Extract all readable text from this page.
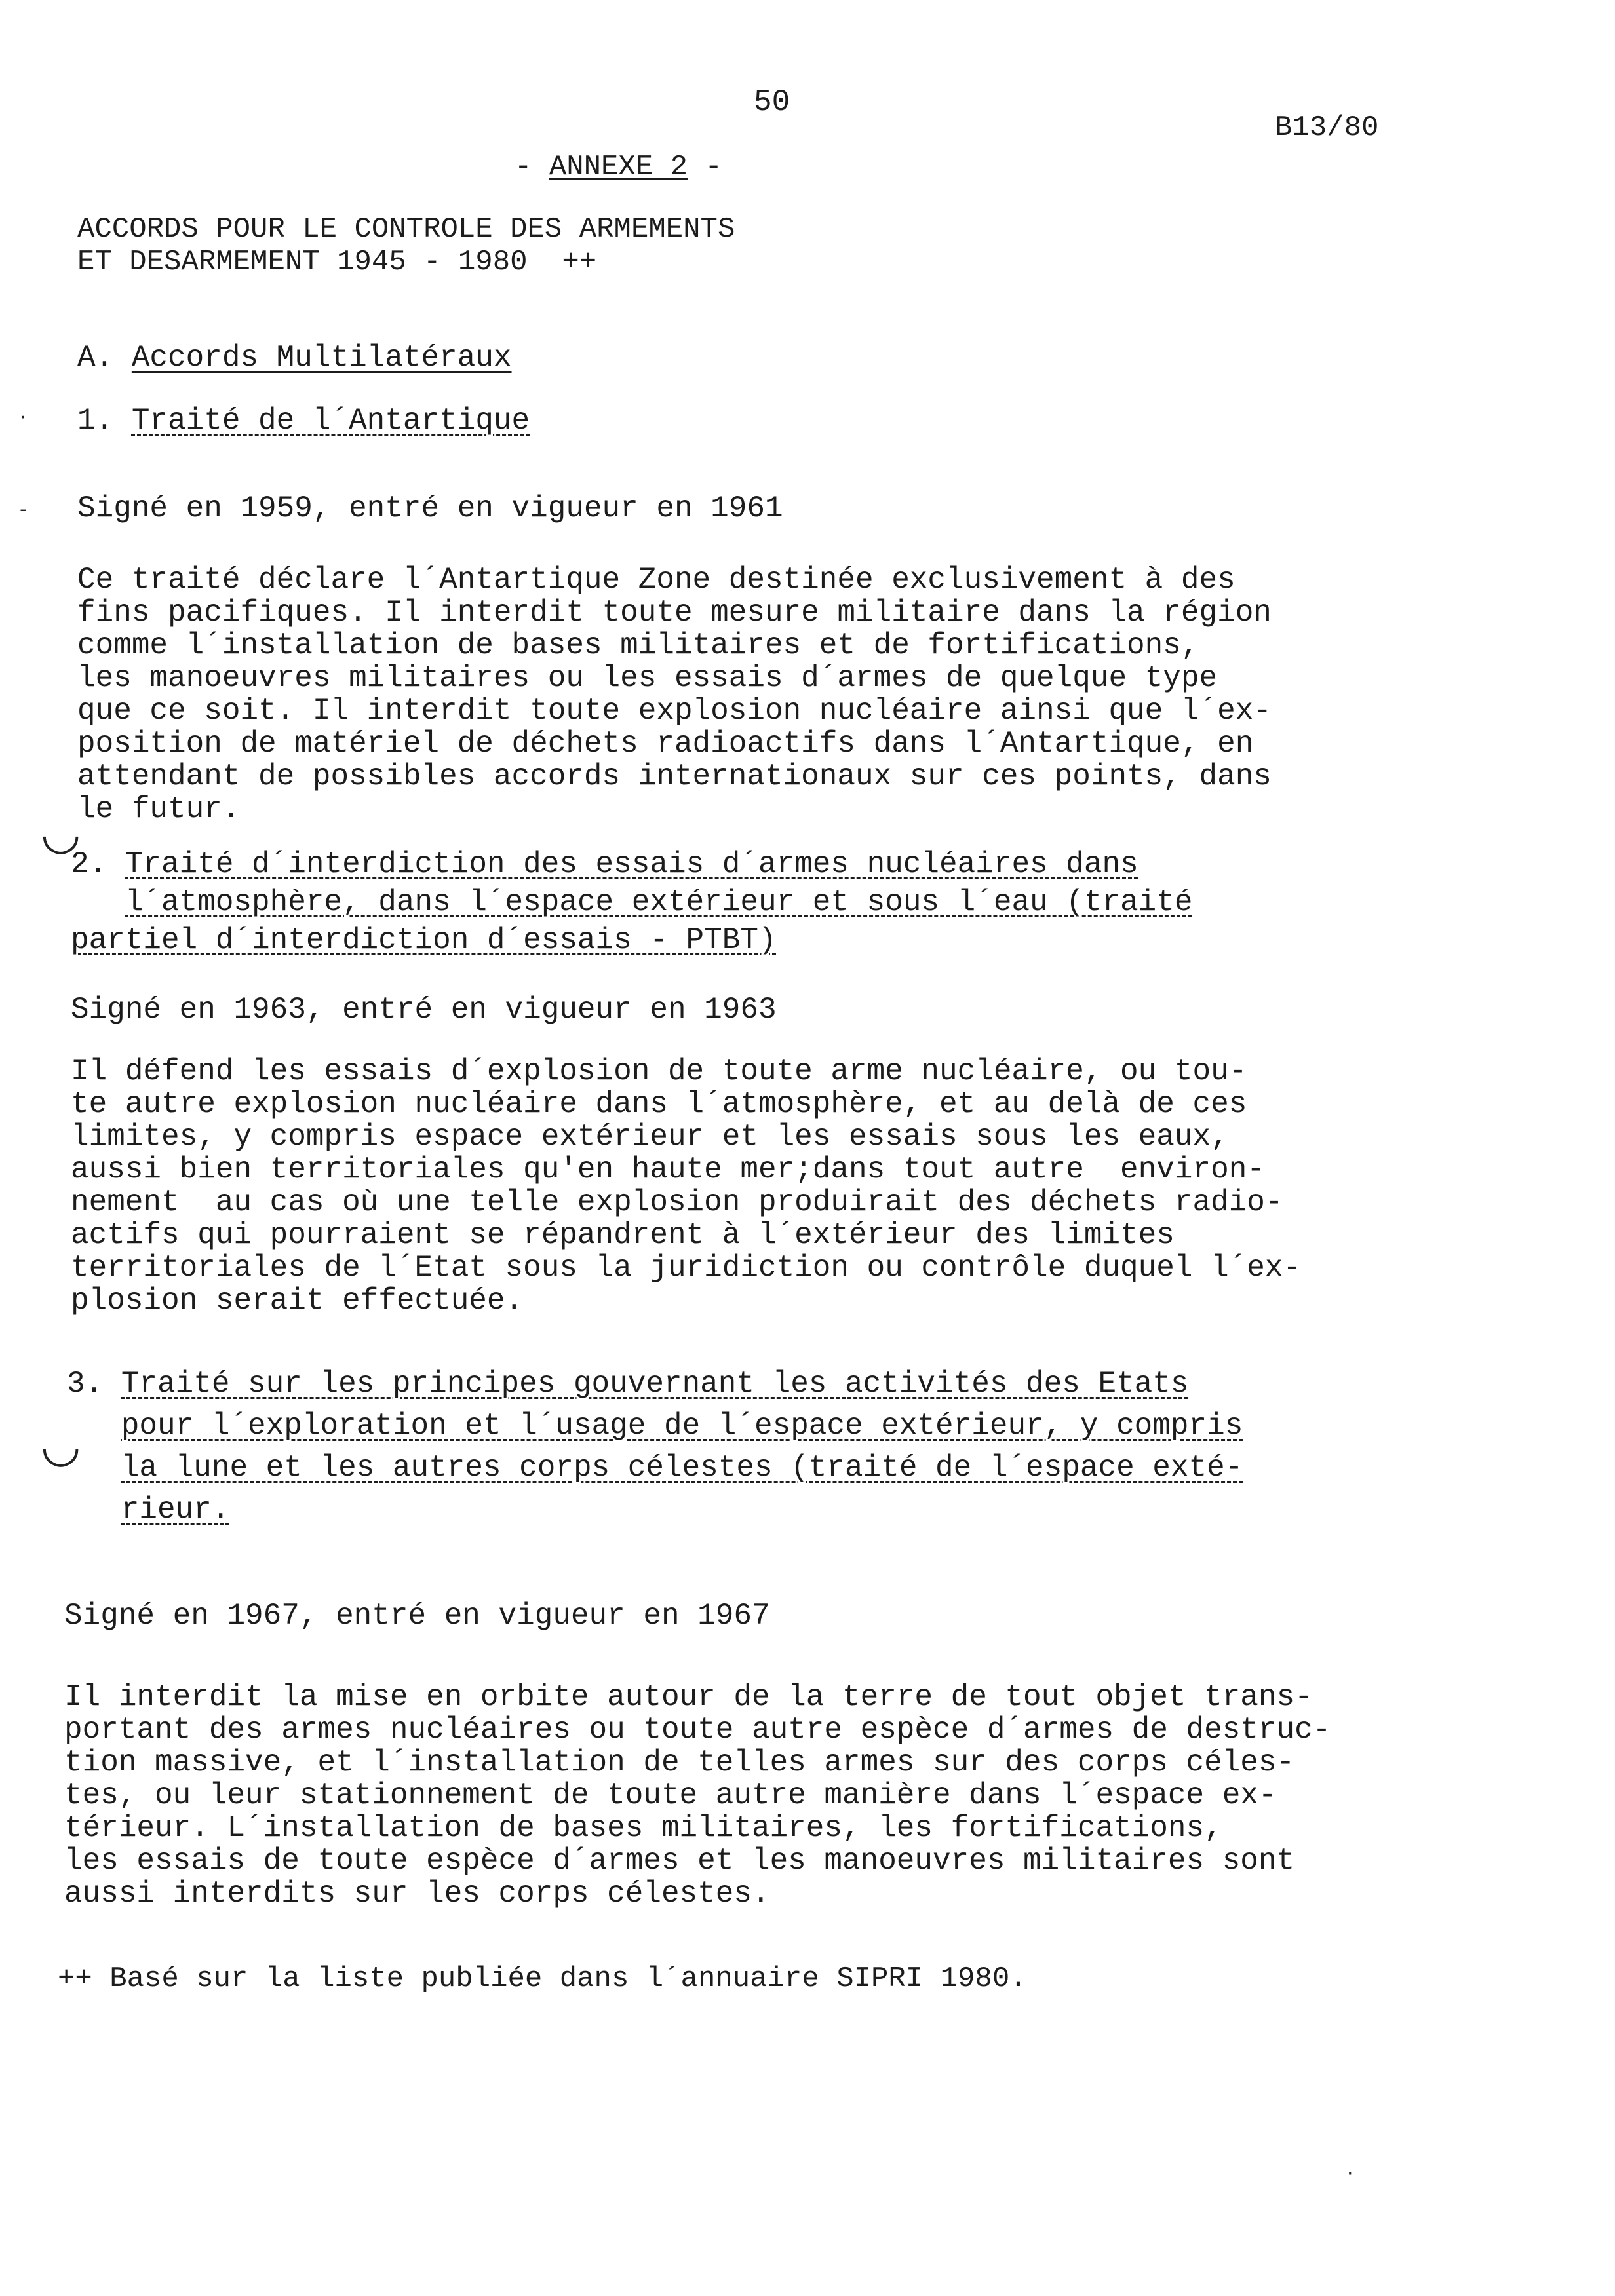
50
B13/80
- ANNEXE 2 -
ACCORDS POUR LE CONTROLE DES ARMEMENTS
ET DESARMEMENT 1945 - 1980  ++
A. Accords Multilatéraux
1. Traité de l´Antartique
Signé en 1959, entré en vigueur en 1961
Ce traité déclare l´Antartique Zone destinée exclusivement à des
fins pacifiques. Il interdit toute mesure militaire dans la région
comme l´installation de bases militaires et de fortifications,
les manoeuvres militaires ou les essais d´armes de quelque type
que ce soit. Il interdit toute explosion nucléaire ainsi que l´ex-
position de matériel de déchets radioactifs dans l´Antartique, en
attendant de possibles accords internationaux sur ces points, dans
le futur.
2. Traité d´interdiction des essais d´armes nucléaires dans
l´atmosphère, dans l´espace extérieur et sous l´eau (traité
partiel d´interdiction d´essais - PTBT)
Signé en 1963, entré en vigueur en 1963
Il défend les essais d´explosion de toute arme nucléaire, ou tou-
te autre explosion nucléaire dans l´atmosphère, et au delà de ces
limites, y compris espace extérieur et les essais sous les eaux,
aussi bien territoriales qu'en haute mer;dans tout autre  environ-
nement  au cas où une telle explosion produirait des déchets radio-
actifs qui pourraient se répandrent à l´extérieur des limites
territoriales de l´Etat sous la juridiction ou contrôle duquel l´ex-
plosion serait effectuée.
3. Traité sur les principes gouvernant les activités des Etats
pour l´exploration et l´usage de l´espace extérieur, y compris
la lune et les autres corps célestes (traité de l´espace exté-
rieur.
Signé en 1967, entré en vigueur en 1967
Il interdit la mise en orbite autour de la terre de tout objet trans-
portant des armes nucléaires ou toute autre espèce d´armes de destruc-
tion massive, et l´installation de telles armes sur des corps céles-
tes, ou leur stationnement de toute autre manière dans l´espace ex-
térieur. L´installation de bases militaires, les fortifications,
les essais de toute espèce d´armes et les manoeuvres militaires sont
aussi interdits sur les corps célestes.
++ Basé sur la liste publiée dans l´annuaire SIPRI 1980.
◡
◡
·
-
·
